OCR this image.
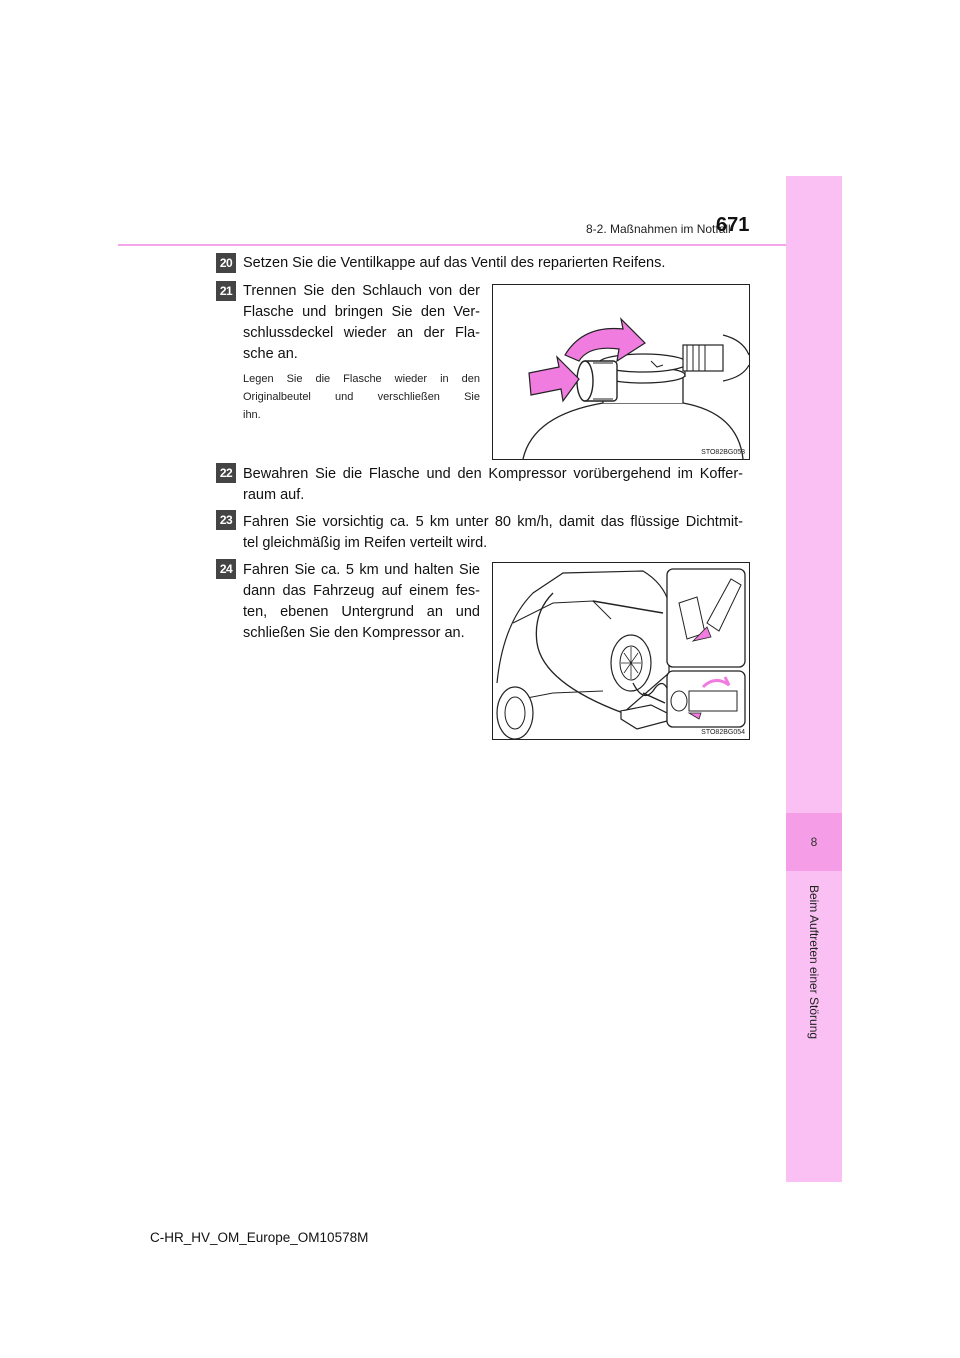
8-2. Maßnahmen im Notfall
671
8
Beim Auftreten einer Störung
20 Setzen Sie die Ventilkappe auf das Ventil des reparierten Reifens.
21 Trennen Sie den Schlauch von der
Flasche und bringen Sie den Ver-
schlussdeckel wieder an der Fla-
sche an.
Legen Sie die Flasche wieder in den
Originalbeutel und verschließen Sie
ihn.
STO82BG053
22 Bewahren Sie die Flasche und den Kompressor vorübergehend im Koffer-
raum auf.
23 Fahren Sie vorsichtig ca. 5 km unter 80 km/h, damit das flüssige Dichtmit-
tel gleichmäßig im Reifen verteilt wird.
24 Fahren Sie ca. 5 km und halten Sie
dann das Fahrzeug auf einem fes-
ten, ebenen Untergrund an und
schließen Sie den Kompressor an.
STO82BG054
C-HR_HV_OM_Europe_OM10578M
